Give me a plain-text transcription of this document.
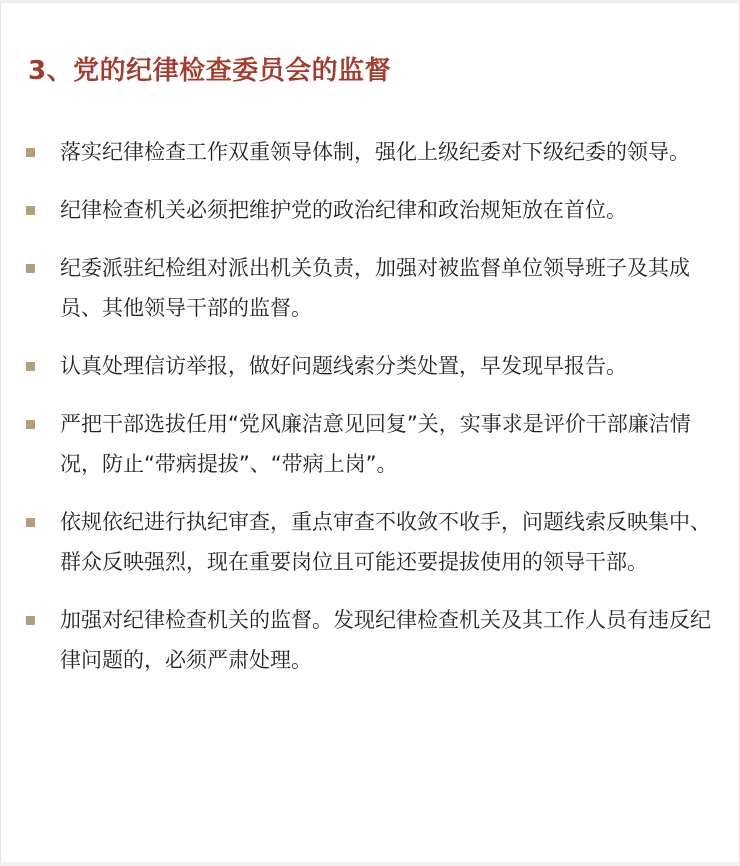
3、党的纪律检查委员会的监督
落实纪律检查工作双重领导体制，强化上级纪委对下级纪委的领导。
纪律检查机关必须把维护党的政治纪律和政治规矩放在首位。
纪委派驻纪检组对派出机关负责，加强对被监督单位领导班子及其成员、其他领导干部的监督。
认真处理信访举报，做好问题线索分类处置，早发现早报告。
严把干部选拔任用“党风廉洁意见回复”关，实事求是评价干部廉洁情况，防止“带病提拔”、“带病上岗”。
依规依纪进行执纪审查，重点审查不收敛不收手，问题线索反映集中、群众反映强烈，现在重要岗位且可能还要提拔使用的领导干部。
加强对纪律检查机关的监督。发现纪律检查机关及其工作人员有违反纪律问题的，必须严肃处理。
